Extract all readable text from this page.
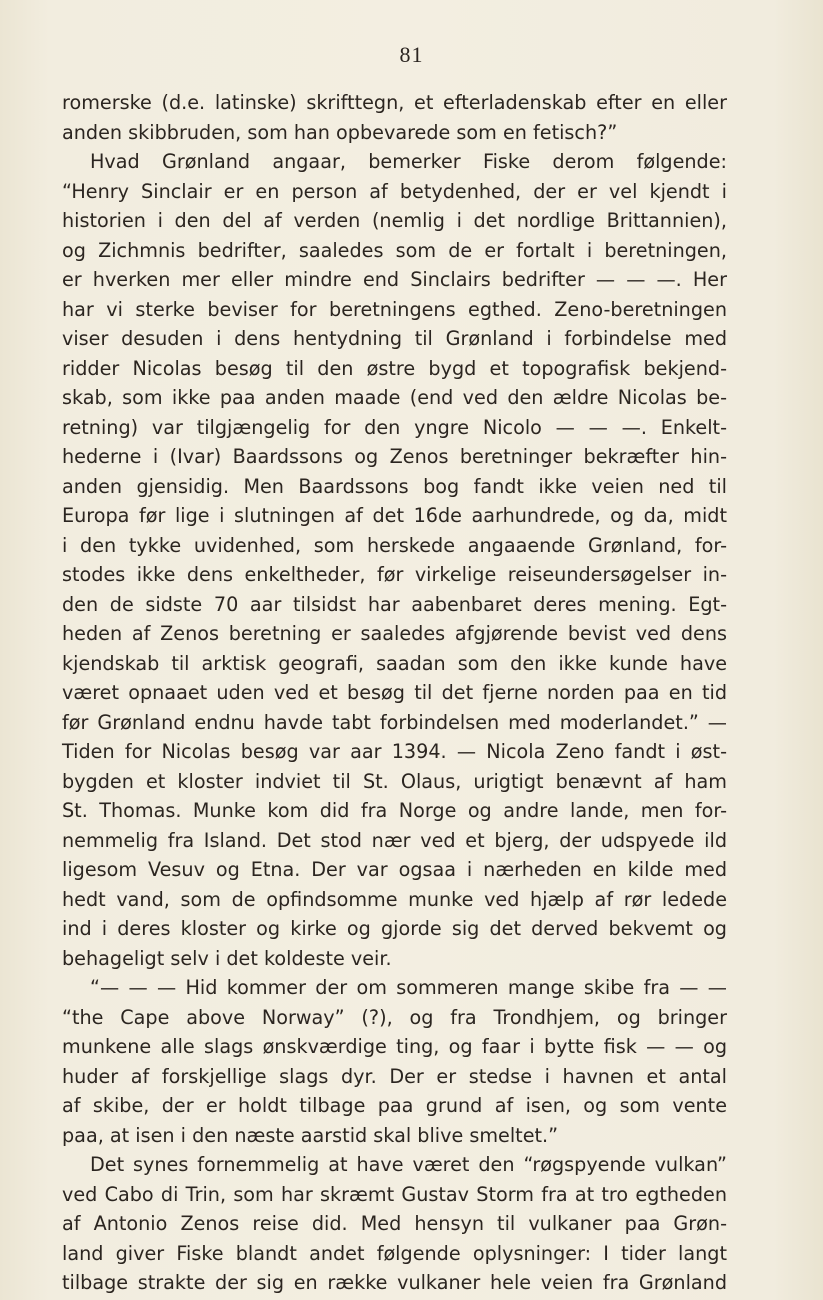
81
romerske (d.e. latinske) skrifttegn, et efterladenskab efter en eller
anden skibbruden, som han opbevarede som en fetisch?”
Hvad Grønland angaar, bemerker Fiske derom følgende:
“Henry Sinclair er en person af betydenhed, der er vel kjendt i
historien i den del af verden (nemlig i det nordlige Brittannien),
og Zichmnis bedrifter, saaledes som de er fortalt i beretningen,
er hverken mer eller mindre end Sinclairs bedrifter — — —. Her
har vi sterke beviser for beretningens egthed. Zeno-beretningen
viser desuden i dens hentydning til Grønland i forbindelse med
ridder Nicolas besøg til den østre bygd et topografisk bekjend-
skab, som ikke paa anden maade (end ved den ældre Nicolas be-
retning) var tilgjængelig for den yngre Nicolo — — —. Enkelt-
hederne i (Ivar) Baardssons og Zenos beretninger bekræfter hin-
anden gjensidig. Men Baardssons bog fandt ikke veien ned til
Europa før lige i slutningen af det 16de aarhundrede, og da, midt
i den tykke uvidenhed, som herskede angaaende Grønland, for-
stodes ikke dens enkeltheder, før virkelige reiseundersøgelser in-
den de sidste 70 aar tilsidst har aabenbaret deres mening. Egt-
heden af Zenos beretning er saaledes afgjørende bevist ved dens
kjendskab til arktisk geografi, saadan som den ikke kunde have
været opnaaet uden ved et besøg til det fjerne norden paa en tid
før Grønland endnu havde tabt forbindelsen med moderlandet.” —
Tiden for Nicolas besøg var aar 1394. — Nicola Zeno fandt i øst-
bygden et kloster indviet til St. Olaus, urigtigt benævnt af ham
St. Thomas. Munke kom did fra Norge og andre lande, men for-
nemmelig fra Island. Det stod nær ved et bjerg, der udspyede ild
ligesom Vesuv og Etna. Der var ogsaa i nærheden en kilde med
hedt vand, som de opfindsomme munke ved hjælp af rør ledede
ind i deres kloster og kirke og gjorde sig det derved bekvemt og
behageligt selv i det koldeste veir.
“— — — Hid kommer der om sommeren mange skibe fra — —
“the Cape above Norway” (?), og fra Trondhjem, og bringer
munkene alle slags ønskværdige ting, og faar i bytte fisk — — og
huder af forskjellige slags dyr. Der er stedse i havnen et antal
af skibe, der er holdt tilbage paa grund af isen, og som vente
paa, at isen i den næste aarstid skal blive smeltet.”
Det synes fornemmelig at have været den “røgspyende vulkan”
ved Cabo di Trin, som har skræmt Gustav Storm fra at tro egtheden
af Antonio Zenos reise did. Med hensyn til vulkaner paa Grøn-
land giver Fiske blandt andet følgende oplysninger: I tider langt
tilbage strakte der sig en række vulkaner hele veien fra Grønland
